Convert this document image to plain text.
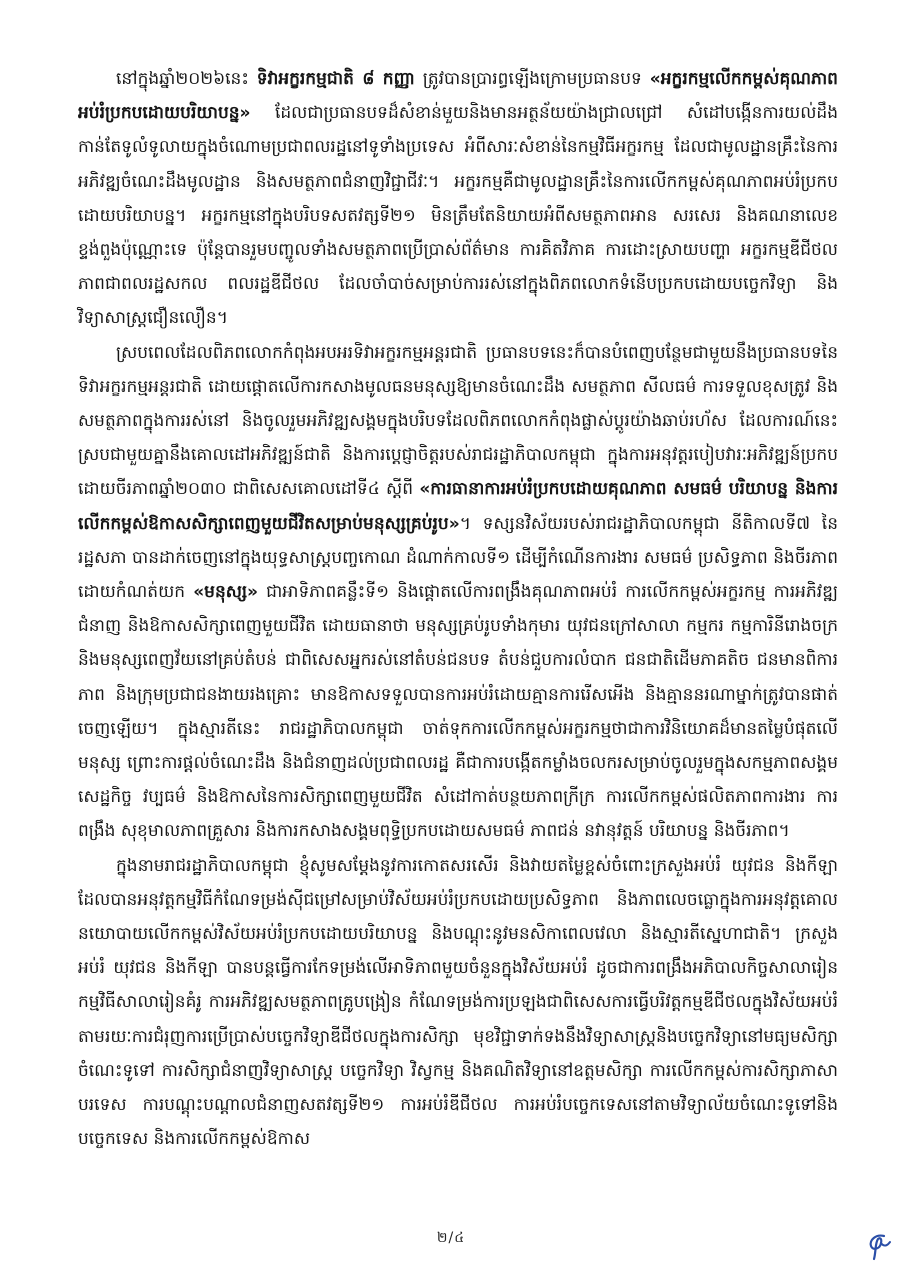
នៅក្នុងឆ្នាំ២០២៦នេះ ទិវាអក្ខរកម្មជាតិ ៨ កញ្ញា ត្រូវបានប្រារព្ធឡើងក្រោមប្រធានបទ «អក្ខរកម្មលើកកម្ពស់គុណភាពអប់រំប្រកបដោយបរិយាបន្ន» ដែលជាប្រធានបទដ៏សំខាន់មួយនិងមានអត្ថន័យយ៉ាងជ្រាលជ្រៅ សំដៅបង្កើនការយល់ដឹងកាន់តែទូលំទូលាយក្នុងចំណោមប្រជាពលរដ្ឋនៅទូទាំងប្រទេស អំពីសារៈសំខាន់នៃកម្មវិធីអក្ខរកម្ម ដែលជាមូលដ្ឋានគ្រឹះនៃការអភិវឌ្ឍចំណេះដឹងមូលដ្ឋាន និងសមត្ថភាពជំនាញវិជ្ជាជីវៈ។ អក្ខរកម្មគឺជាមូលដ្ឋានគ្រឹះនៃការលើកកម្ពស់គុណភាពអប់រំប្រកបដោយបរិយាបន្ន។ អក្ខរកម្មនៅក្នុងបរិបទសតវត្សទី២១ មិនត្រឹមតែនិយាយអំពីសមត្ថភាពអាន សរសេរ និងគណនាលេខខ្ទង់ពួងប៉ុណ្ណោះទេ ប៉ុន្តែបានរួមបញ្ចូលទាំងសមត្ថភាពប្រើប្រាស់ព័ត៌មាន ការគិតវិភាគ ការដោះស្រាយបញ្ហា អក្ខរកម្មឌីជីថល ភាពជាពលរដ្ឋសកល ពលរដ្ឋឌីជីថល ដែលចាំបាច់សម្រាប់ការរស់នៅក្នុងពិភពលោកទំនើបប្រកបដោយបច្ចេកវិទ្យា និងវិទ្យាសាស្ត្រជឿនលឿន។

ស្របពេលដែលពិភពលោកកំពុងអបអរទិវាអក្ខរកម្មអន្តរជាតិ ប្រធានបទនេះក៏បានបំពេញបន្ថែមជាមួយនឹងប្រធានបទនៃទិវាអក្ខរកម្មអន្តរជាតិ ដោយផ្តោតលើការកសាងមូលធនមនុស្សឱ្យមានចំណេះដឹង សមត្ថភាព សីលធម៌ ការទទួលខុសត្រូវ និងសមត្ថភាពក្នុងការរស់នៅ និងចូលរួមអភិវឌ្ឍសង្គមក្នុងបរិបទដែលពិភពលោកកំពុងផ្លាស់ប្តូរយ៉ាងឆាប់រហ័ស ដែលការណ៍នេះស្របជាមួយគ្នានឹងគោលដៅអភិវឌ្ឍន៍ជាតិ និងការប្តេជ្ញាចិត្តរបស់រាជរដ្ឋាភិបាលកម្ពុជា ក្នុងការអនុវត្តរបៀបវារៈអភិវឌ្ឍន៍ប្រកបដោយចីរភាពឆ្នាំ២០៣០ ជាពិសេសគោលដៅទី៤ ស្តីពី «ការធានាការអប់រំប្រកបដោយគុណភាព សមធម៌ បរិយាបន្ន និងការលើកកម្ពស់ឱកាសសិក្សាពេញមួយជីវិតសម្រាប់មនុស្សគ្រប់រូប»។ ទស្សនវិស័យរបស់រាជរដ្ឋាភិបាលកម្ពុជា នីតិកាលទី៧ នៃរដ្ឋសភា បានដាក់ចេញនៅក្នុងយុទ្ធសាស្ត្របញ្ចកោណ ដំណាក់កាលទី១ ដើម្បីកំណើនការងារ សមធម៌ ប្រសិទ្ធភាព និងចីរភាព ដោយកំណត់យក «មនុស្ស» ជាអាទិភាពគន្លឹះទី១ និងផ្តោតលើការពង្រឹងគុណភាពអប់រំ ការលើកកម្ពស់អក្ខរកម្ម ការអភិវឌ្ឍជំនាញ និងឱកាសសិក្សាពេញមួយជីវិត ដោយធានាថា មនុស្សគ្រប់រូបទាំងកុមារ យុវជនក្រៅសាលា កម្មករ កម្មការិនីរោងចក្រ និងមនុស្សពេញវ័យនៅគ្រប់តំបន់ ជាពិសេសអ្នករស់នៅតំបន់ជនបទ តំបន់ជួបការលំបាក ជនជាតិដើមភាគតិច ជនមានពិការភាព និងក្រុមប្រជាជនងាយរងគ្រោះ មានឱកាសទទួលបានការអប់រំដោយគ្មានការរើសអើង និងគ្មាននរណាម្នាក់ត្រូវបានផាត់ចេញឡើយ។ ក្នុងស្មារតីនេះ រាជរដ្ឋាភិបាលកម្ពុជា ចាត់ទុកការលើកកម្ពស់អក្ខរកម្មថាជាការវិនិយោគដ៏មានតម្លៃបំផុតលើមនុស្ស ព្រោះការផ្តល់ចំណេះដឹង និងជំនាញដល់ប្រជាពលរដ្ឋ គឺជាការបង្កើតកម្លាំងចលករសម្រាប់ចូលរួមក្នុងសកម្មភាពសង្គម សេដ្ឋកិច្ច វប្បធម៌ និងឱកាសនៃការសិក្សាពេញមួយជីវិត សំដៅកាត់បន្ថយភាពក្រីក្រ ការលើកកម្ពស់ផលិតភាពការងារ ការពង្រឹង សុខុមាលភាពគ្រួសារ និងការកសាងសង្គមពុទ្ធិប្រកបដោយសមធម៌ ភាពជន់ នវានុវត្តន៍ បរិយាបន្ន និងចីរភាព។

ក្នុងនាមរាជរដ្ឋាភិបាលកម្ពុជា ខ្ញុំសូមសម្តែងនូវការកោតសរសើរ និងវាយតម្លៃខ្ពស់ចំពោះក្រសួងអប់រំ យុវជន និងកីឡា ដែលបានអនុវត្តកម្មវិធីកំណែទម្រង់ស៊ីជម្រៅសម្រាប់វិស័យអប់រំប្រកបដោយប្រសិទ្ធភាព និងភាពលេចធ្លោក្នុងការអនុវត្តគោលនយោបាយលើកកម្ពស់វិស័យអប់រំប្រកបដោយបរិយាបន្ន និងបណ្តុះនូវមនសិកាពេលវេលា និងស្មារតីស្នេហាជាតិ។ ក្រសួងអប់រំ យុវជន និងកីឡា បានបន្តធ្វើការកែទម្រង់លើអាទិភាពមួយចំនួនក្នុងវិស័យអប់រំ ដូចជាការពង្រឹងអភិបាលកិច្ចសាលារៀន កម្មវិធីសាលារៀនគំរូ ការអភិវឌ្ឍសមត្ថភាពគ្រូបង្រៀន កំណែទម្រង់ការប្រឡងជាពិសេសការធ្វើបរិវត្តកម្មឌីជីថលក្នុងវិស័យអប់រំ តាមរយៈការជំរុញការប្រើប្រាស់បច្ចេកវិទ្យាឌីជីថលក្នុងការសិក្សា មុខវិជ្ជាទាក់ទងនឹងវិទ្យាសាស្ត្រនិងបច្ចេកវិទ្យានៅមធ្យមសិក្សាចំណេះទូទៅ ការសិក្សាជំនាញវិទ្យាសាស្ត្រ បច្ចេកវិទ្យា វិស្វកម្ម និងគណិតវិទ្យានៅឧត្តមសិក្សា ការលើកកម្ពស់ការសិក្សាភាសាបរទេស ការបណ្តុះបណ្តាលជំនាញសតវត្សទី២១ ការអប់រំឌីជីថល ការអប់រំបច្ចេកទេសនៅតាមវិទ្យាល័យចំណេះទូទៅនិងបច្ចេកទេស និងការលើកកម្ពស់ឱកាស

២/៤
